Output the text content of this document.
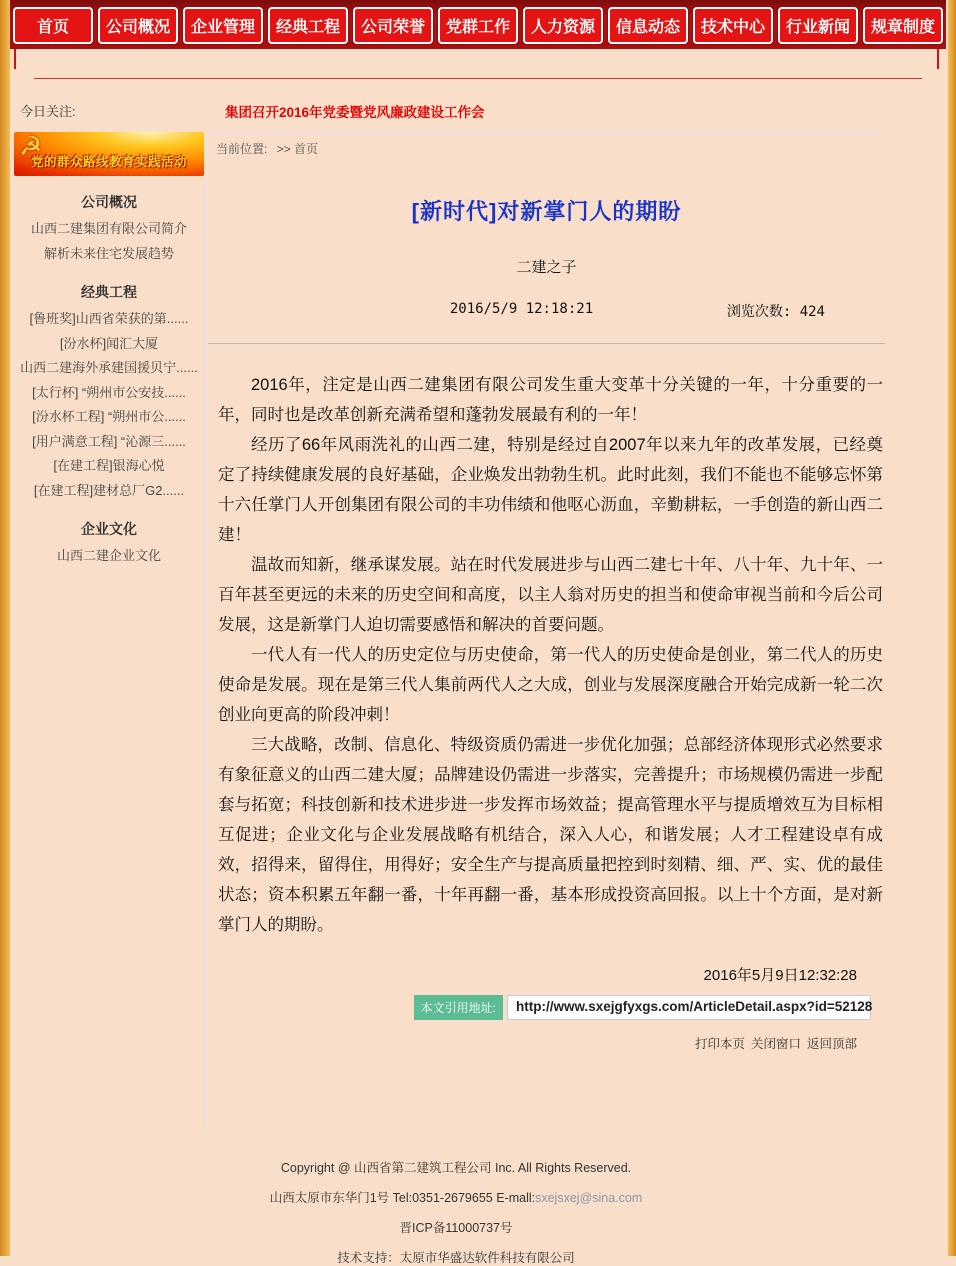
首页	公司概况	企业管理	经典工程	公司荣誉	党群工作	人力资源	信息动态	技术中心	行业新闻	规章制度
今日关注:
☭
党的群众路线教育实践活动
公司概况
山西二建集团有限公司简介
解析未来住宅发展趋势
经典工程
[鲁班奖]山西省荣获的第......
[汾水杯]闻汇大厦
山西二建海外承建国援贝宁......
[太行杯] “朔州市公安技......
[汾水杯工程] “朔州市公......
[用户满意工程] “沁源三......
[在建工程]银海心悦
[在建工程]建材总厂G2......
企业文化
山西二建企业文化
集团召开2016年党委暨党风廉政建设工作会
当前位置: >> 首页
[新时代]对新掌门人的期盼
二建之子
2016/5/9 12:18:21	浏览次数: 424

2016年，注定是山西二建集团有限公司发生重大变革十分关键的一年，十分重要的一年，同时也是改革创新充满希望和蓬勃发展最有利的一年！

经历了66年风雨洗礼的山西二建，特别是经过自2007年以来九年的改革发展，已经奠定了持续健康发展的良好基础，企业焕发出勃勃生机。此时此刻，我们不能也不能够忘怀第十六任掌门人开创集团有限公司的丰功伟绩和他呕心沥血，辛勤耕耘，一手创造的新山西二建！

温故而知新，继承谋发展。站在时代发展进步与山西二建七十年、八十年、九十年、一百年甚至更远的未来的历史空间和高度，以主人翁对历史的担当和使命审视当前和今后公司发展，这是新掌门人迫切需要感悟和解决的首要问题。

一代人有一代人的历史定位与历史使命，第一代人的历史使命是创业，第二代人的历史使命是发展。现在是第三代人集前两代人之大成，创业与发展深度融合开始完成新一轮二次创业向更高的阶段冲刺！

三大战略，改制、信息化、特级资质仍需进一步优化加强；总部经济体现形式必然要求有象征意义的山西二建大厦；品牌建设仍需进一步落实，完善提升；市场规模仍需进一步配套与拓宽；科技创新和技术进步进一步发挥市场效益；提高管理水平与提质增效互为目标相互促进；企业文化与企业发展战略有机结合，深入人心，和谐发展；人才工程建设卓有成效，招得来，留得住，用得好；安全生产与提高质量把控到时刻精、细、严、实、优的最佳状态；资本积累五年翻一番，十年再翻一番，基本形成投资高回报。以上十个方面，是对新掌门人的期盼。

2016年5月9日12:32:28
本文引用地址:	http://www.sxejgfyxgs.com/ArticleDetail.aspx?id=52128
打印本页 关闭窗口 返回顶部
Copyright @ 山西省第二建筑工程公司 Inc. All Rights Reserved.
山西太原市东华门1号 Tel:0351-2679655 E-mall:sxejsxej@sina.com
晋ICP备11000737号
技术支持：太原市华盛达软件科技有限公司
